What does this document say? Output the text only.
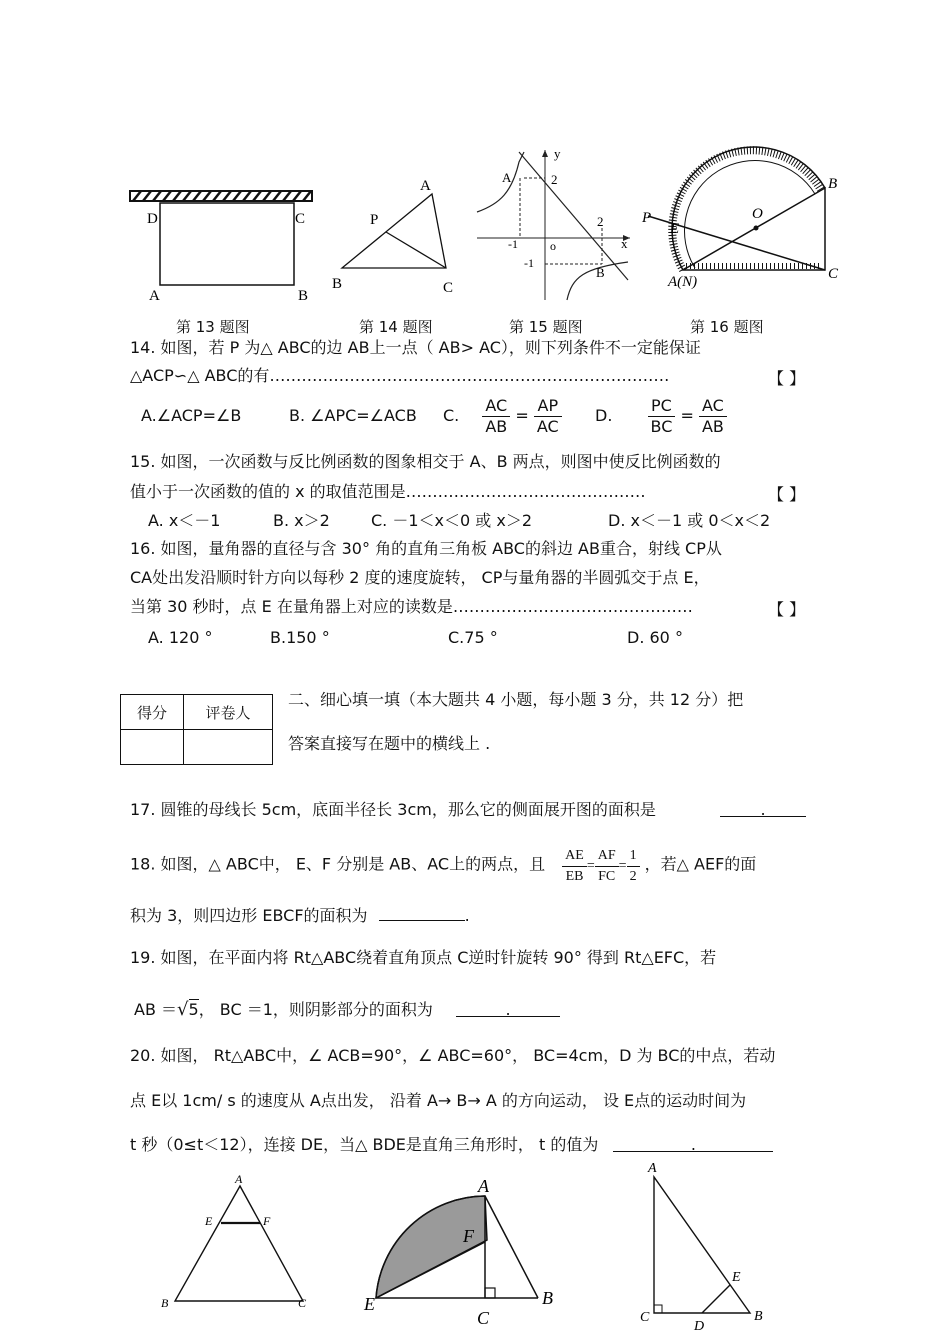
D	C
A	B
A
P
B	C
y
x
A	2
2
-1	o
-1
B
P
E
O
B
A(N)	C
第 13 题图	第 14 题图	第 15 题图	第 16 题图
14. 如图，若 P 为△ ABC的边 AB上一点（ AB> AC），则下列条件不一定能保证
△ACP∽△ ABC的有…………………………………………………………………	【 】
A.∠ACP=∠B	B. ∠APC=∠ACB C. $\frac{AC}{AB} = \frac{AP}{AC} D$. $\frac{PC}{BC} = \frac{AC}{AB}$
15. 如图，一次函数与反比例函数的图象相交于 A、B 两点，则图中使反比例函数的
值小于一次函数的值的 x 的取值范围是………………………………………	【 】
A. x＜－1	B. x＞2	C. －1＜x＜0 或 x＞2	D. x＜－1 或 0＜x＜2
16. 如图，量角器的直径与含 30° 角的直角三角板 ABC的斜边 AB重合，射线 CP从
CA处出发沿顺时针方向以每秒 2 度的速度旋转， CP与量角器的半圆弧交于点 E，
当第 30 秒时，点 E 在量角器上对应的读数是………………………………………	【 】
A. 120 °	B.150 °	C.75 °	D. 60 °
得分	评卷人

二、细心填一填（本大题共 4 小题，每小题 3 分，共 12 分）把
答案直接写在题中的横线上 .
17. 圆锥的母线长 5cm，底面半径长 3cm，那么它的侧面展开图的面积是	.
18. 如图，△ ABC中， E、F 分别是 AB、AC上的两点，且 $\frac{AE}{EB} = \frac{AF}{FC} = \frac{1}{2}$ ，若△ AEF的面
积为 3，则四边形 EBCF的面积为	.
19. 如图，在平面内将 Rt△ABC绕着直角顶点 C逆时针旋转 90° 得到 Rt△EFC，若
AB ＝√5， BC ＝1，则阴影部分的面积为	.
20. 如图， Rt△ABC中，∠ ACB=90°，∠ ABC=60°， BC=4cm，D 为 BC的中点，若动
点 E以 1cm/ s 的速度从 A点出发， 沿着 A→ B→ A 的方向运动， 设 E点的运动时间为
t 秒（0≤t＜12），连接 DE，当△ BDE是直角三角形时， t 的值为	.
A
E	F
B	C
A
F
E
C
B
A
E
C
D
B
